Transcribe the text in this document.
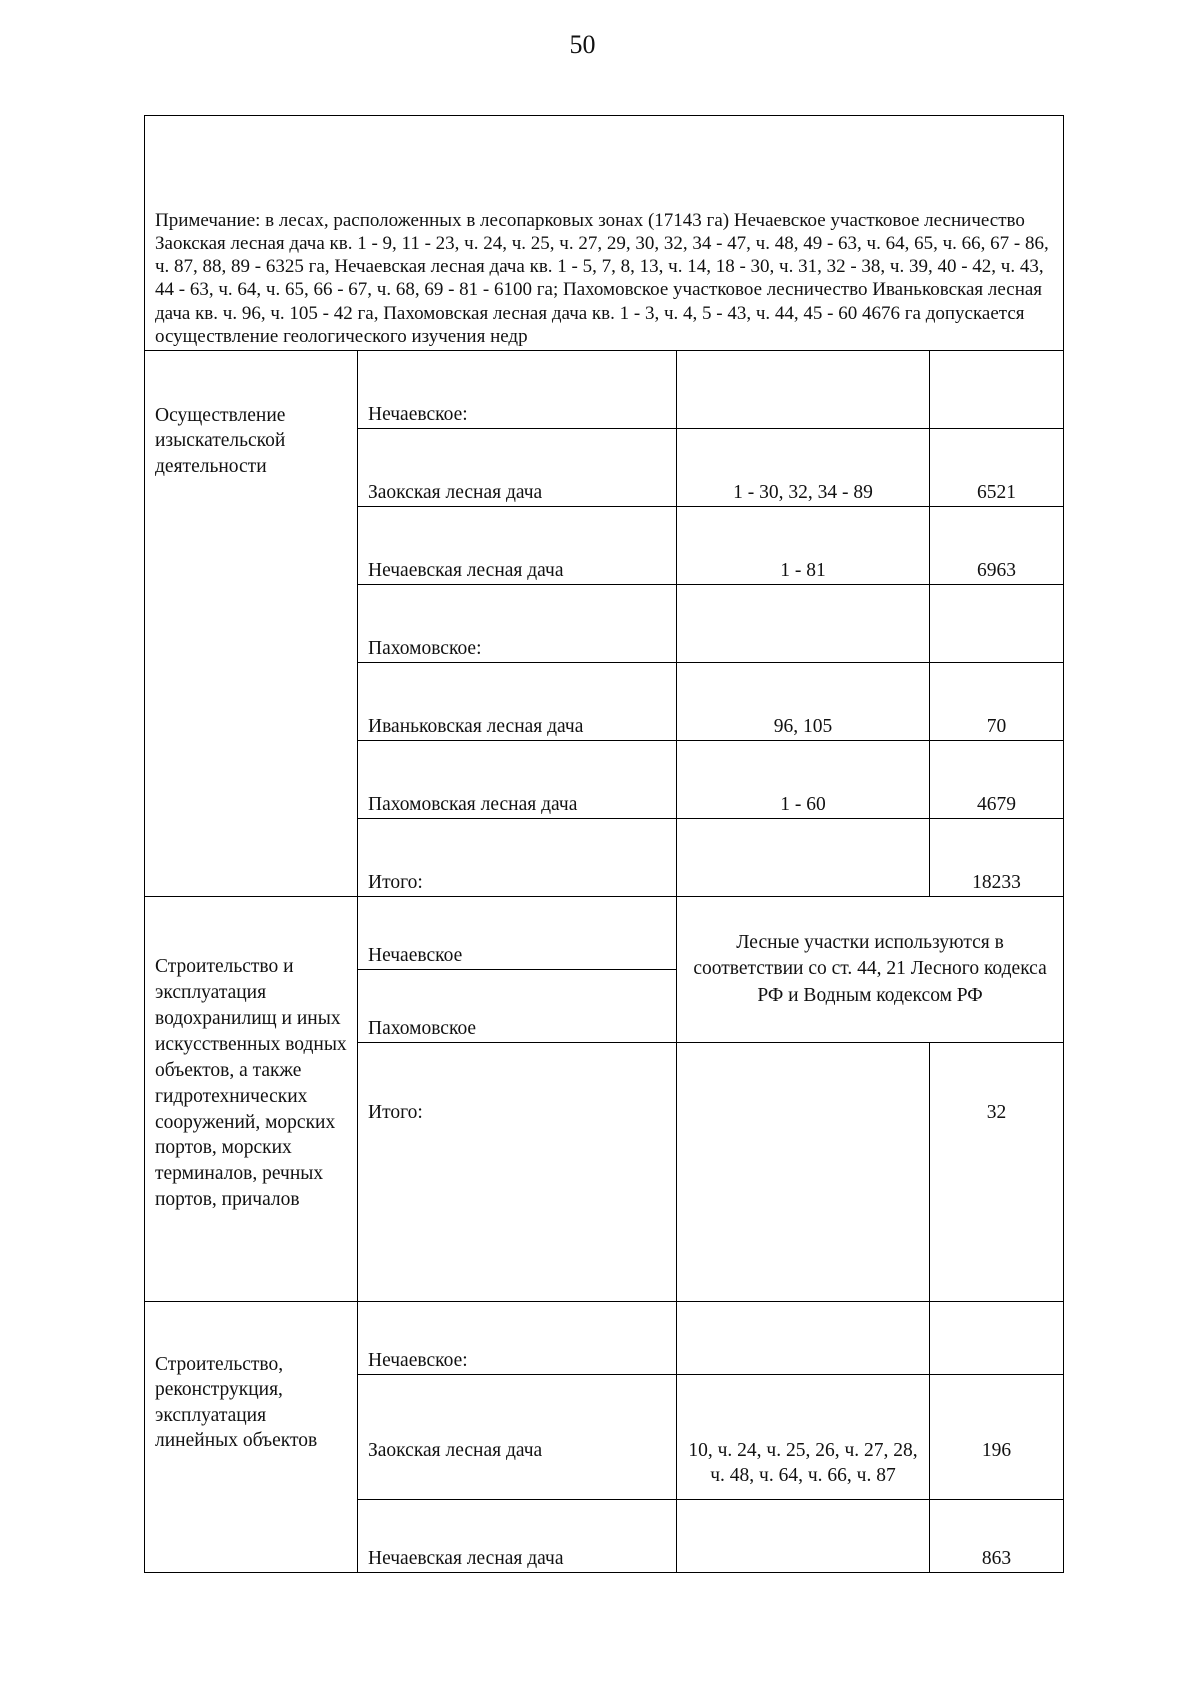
50
Примечание: в лесах, расположенных в лесопарковых зонах (17143 га) Нечаевское участковое лесничество Заокская лесная дача кв. 1 - 9, 11 - 23, ч. 24, ч. 25, ч. 27, 29, 30, 32, 34 - 47, ч. 48, 49 - 63, ч. 64, 65, ч. 66, 67 - 86, ч. 87, 88, 89 - 6325 га, Нечаевская лесная дача кв. 1 - 5, 7, 8, 13, ч. 14, 18 - 30, ч. 31, 32 - 38, ч. 39, 40 - 42, ч. 43, 44 - 63, ч. 64, ч. 65, 66 - 67, ч. 68, 69 - 81 - 6100 га; Пахомовское участковое лесничество Иваньковская лесная дача кв. ч. 96, ч. 105 - 42 га, Пахомовская лесная дача кв. 1 - 3, ч. 4, 5 - 43, ч. 44, 45 - 60 4676 га допускается осуществление геологического изучения недр			
Осуществление изыскательской деятельности	Нечаевское:		
	Заокская лесная дача	1 - 30, 32, 34 - 89	6521
	Нечаевская лесная дача	1 - 81	6963
	Пахомовское:		
	Иваньковская лесная дача	96, 105	70
	Пахомовская лесная дача	1 - 60	4679
	Итого:		18233
Строительство и эксплуатация водохранилищ и иных искусственных водных объектов, а также гидротехнических сооружений, морских портов, морских терминалов, речных портов, причалов	Нечаевское	Лесные участки используются в соответствии со ст. 44, 21 Лесного кодекса РФ и Водным кодексом РФ	
	Пахомовское		
	Итого:		32
Строительство, реконструкция, эксплуатация линейных объектов	Нечаевское:		
	Заокская лесная дача	10, ч. 24, ч. 25, 26, ч. 27, 28, ч. 48, ч. 64, ч. 66, ч. 87	196
	Нечаевская лесная дача		863
